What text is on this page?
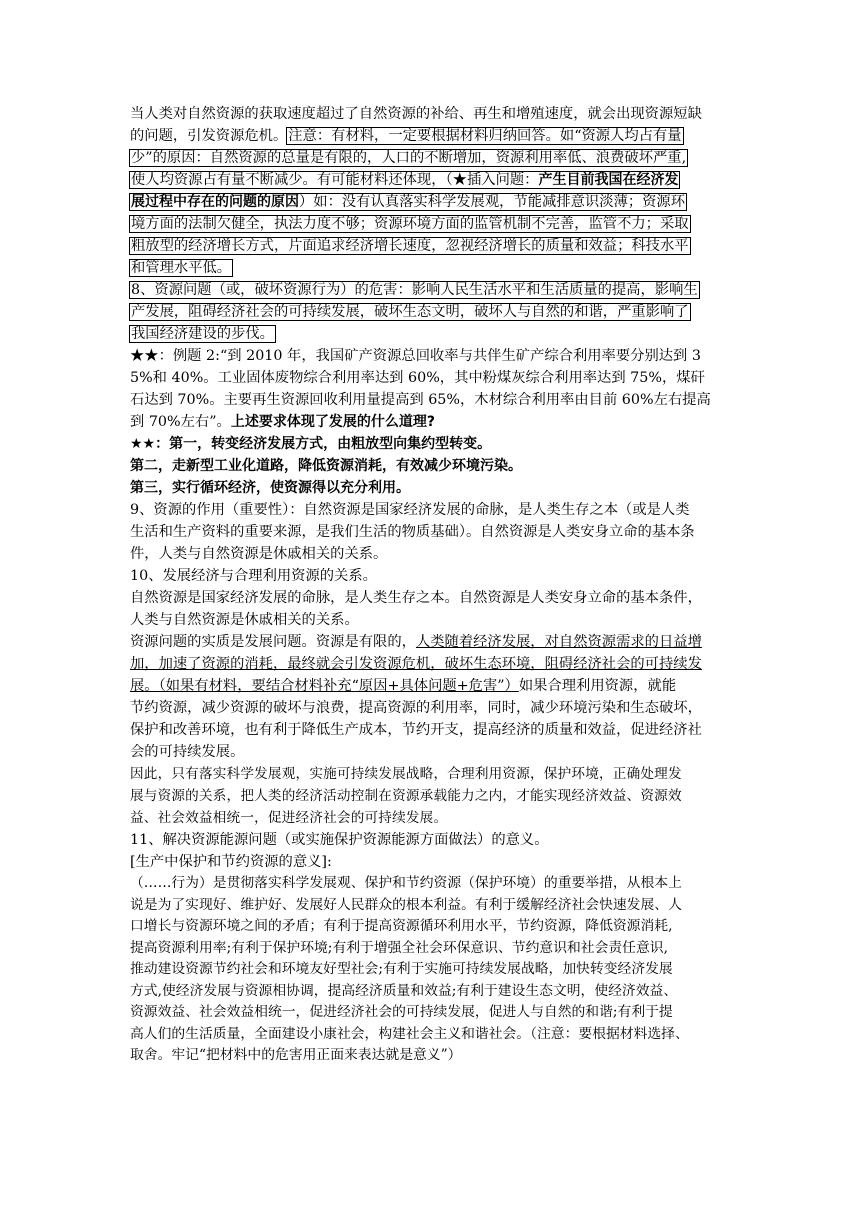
当人类对自然资源的获取速度超过了自然资源的补给、再生和增殖速度，就会出现资源短缺
的问题，引发资源危机。注意：有材料，一定要根据材料归纳回答。如“资源人均占有量
少”的原因：自然资源的总量是有限的，人口的不断增加，资源利用率低、浪费破坏严重,
使人均资源占有量不断减少。有可能材料还体现，（★插入问题：产生目前我国在经济发
展过程中存在的问题的原因）如：没有认真落实科学发展观，节能减排意识淡薄；资源环
境方面的法制欠健全，执法力度不够；资源环境方面的监管机制不完善，监管不力；采取
粗放型的经济增长方式，片面追求经济增长速度，忽视经济增长的质量和效益；科技水平
和管理水平低。
8、资源问题（或，破坏资源行为）的危害：影响人民生活水平和生活质量的提高，影响生
产发展，阻碍经济社会的可持续发展，破坏生态文明，破坏人与自然的和谐，严重影响了
我国经济建设的步伐。
★★：例题 2:“到 2010 年，我国矿产资源总回收率与共伴生矿产综合利用率要分别达到 3
5%和 40%。工业固体废物综合利用率达到 60%，其中粉煤灰综合利用率达到 75%，煤矸
石达到 70%。主要再生资源回收利用量提高到 65%，木材综合利用率由目前 60%左右提高
到 70%左右”。上述要求体现了发展的什么道理?
★★：第一，转变经济发展方式，由粗放型向集约型转变。
第二，走新型工业化道路，降低资源消耗，有效减少环境污染。
第三，实行循环经济，使资源得以充分利用。
9、资源的作用（重要性）：自然资源是国家经济发展的命脉，是人类生存之本（或是人类
生活和生产资料的重要来源，是我们生活的物质基础）。自然资源是人类安身立命的基本条
件，人类与自然资源是休戚相关的关系。
10、发展经济与合理利用资源的关系。
自然资源是国家经济发展的命脉，是人类生存之本。自然资源是人类安身立命的基本条件，
人类与自然资源是休戚相关的关系。
资源问题的实质是发展问题。资源是有限的，人类随着经济发展，对自然资源需求的日益增
加，加速了资源的消耗，最终就会引发资源危机，破坏生态环境，阻碍经济社会的可持续发
展。（如果有材料，要结合材料补充“原因+具体问题+危害”）如果合理利用资源，就能
节约资源，减少资源的破坏与浪费，提高资源的利用率，同时，减少环境污染和生态破坏，
保护和改善环境，也有利于降低生产成本，节约开支，提高经济的质量和效益，促进经济社
会的可持续发展。
因此，只有落实科学发展观，实施可持续发展战略，合理利用资源，保护环境，正确处理发
展与资源的关系，把人类的经济活动控制在资源承载能力之内，才能实现经济效益、资源效
益、社会效益相统一，促进经济社会的可持续发展。
11、解决资源能源问题（或实施保护资源能源方面做法）的意义。
[生产中保护和节约资源的意义]:
（……行为）是贯彻落实科学发展观、保护和节约资源（保护环境）的重要举措，从根本上
说是为了实现好、维护好、发展好人民群众的根本利益。有利于缓解经济社会快速发展、人
口增长与资源环境之间的矛盾；有利于提高资源循环利用水平，节约资源，降低资源消耗,
提高资源利用率;有利于保护环境;有利于增强全社会环保意识、节约意识和社会责任意识,
推动建设资源节约社会和环境友好型社会;有利于实施可持续发展战略，加快转变经济发展
方式,使经济发展与资源相协调，提高经济质量和效益;有利于建设生态文明，使经济效益、
资源效益、社会效益相统一，促进经济社会的可持续发展，促进人与自然的和谐;有利于提
高人们的生活质量，全面建设小康社会，构建社会主义和谐社会。（注意：要根据材料选择、
取舍。牢记“把材料中的危害用正面来表达就是意义”）
